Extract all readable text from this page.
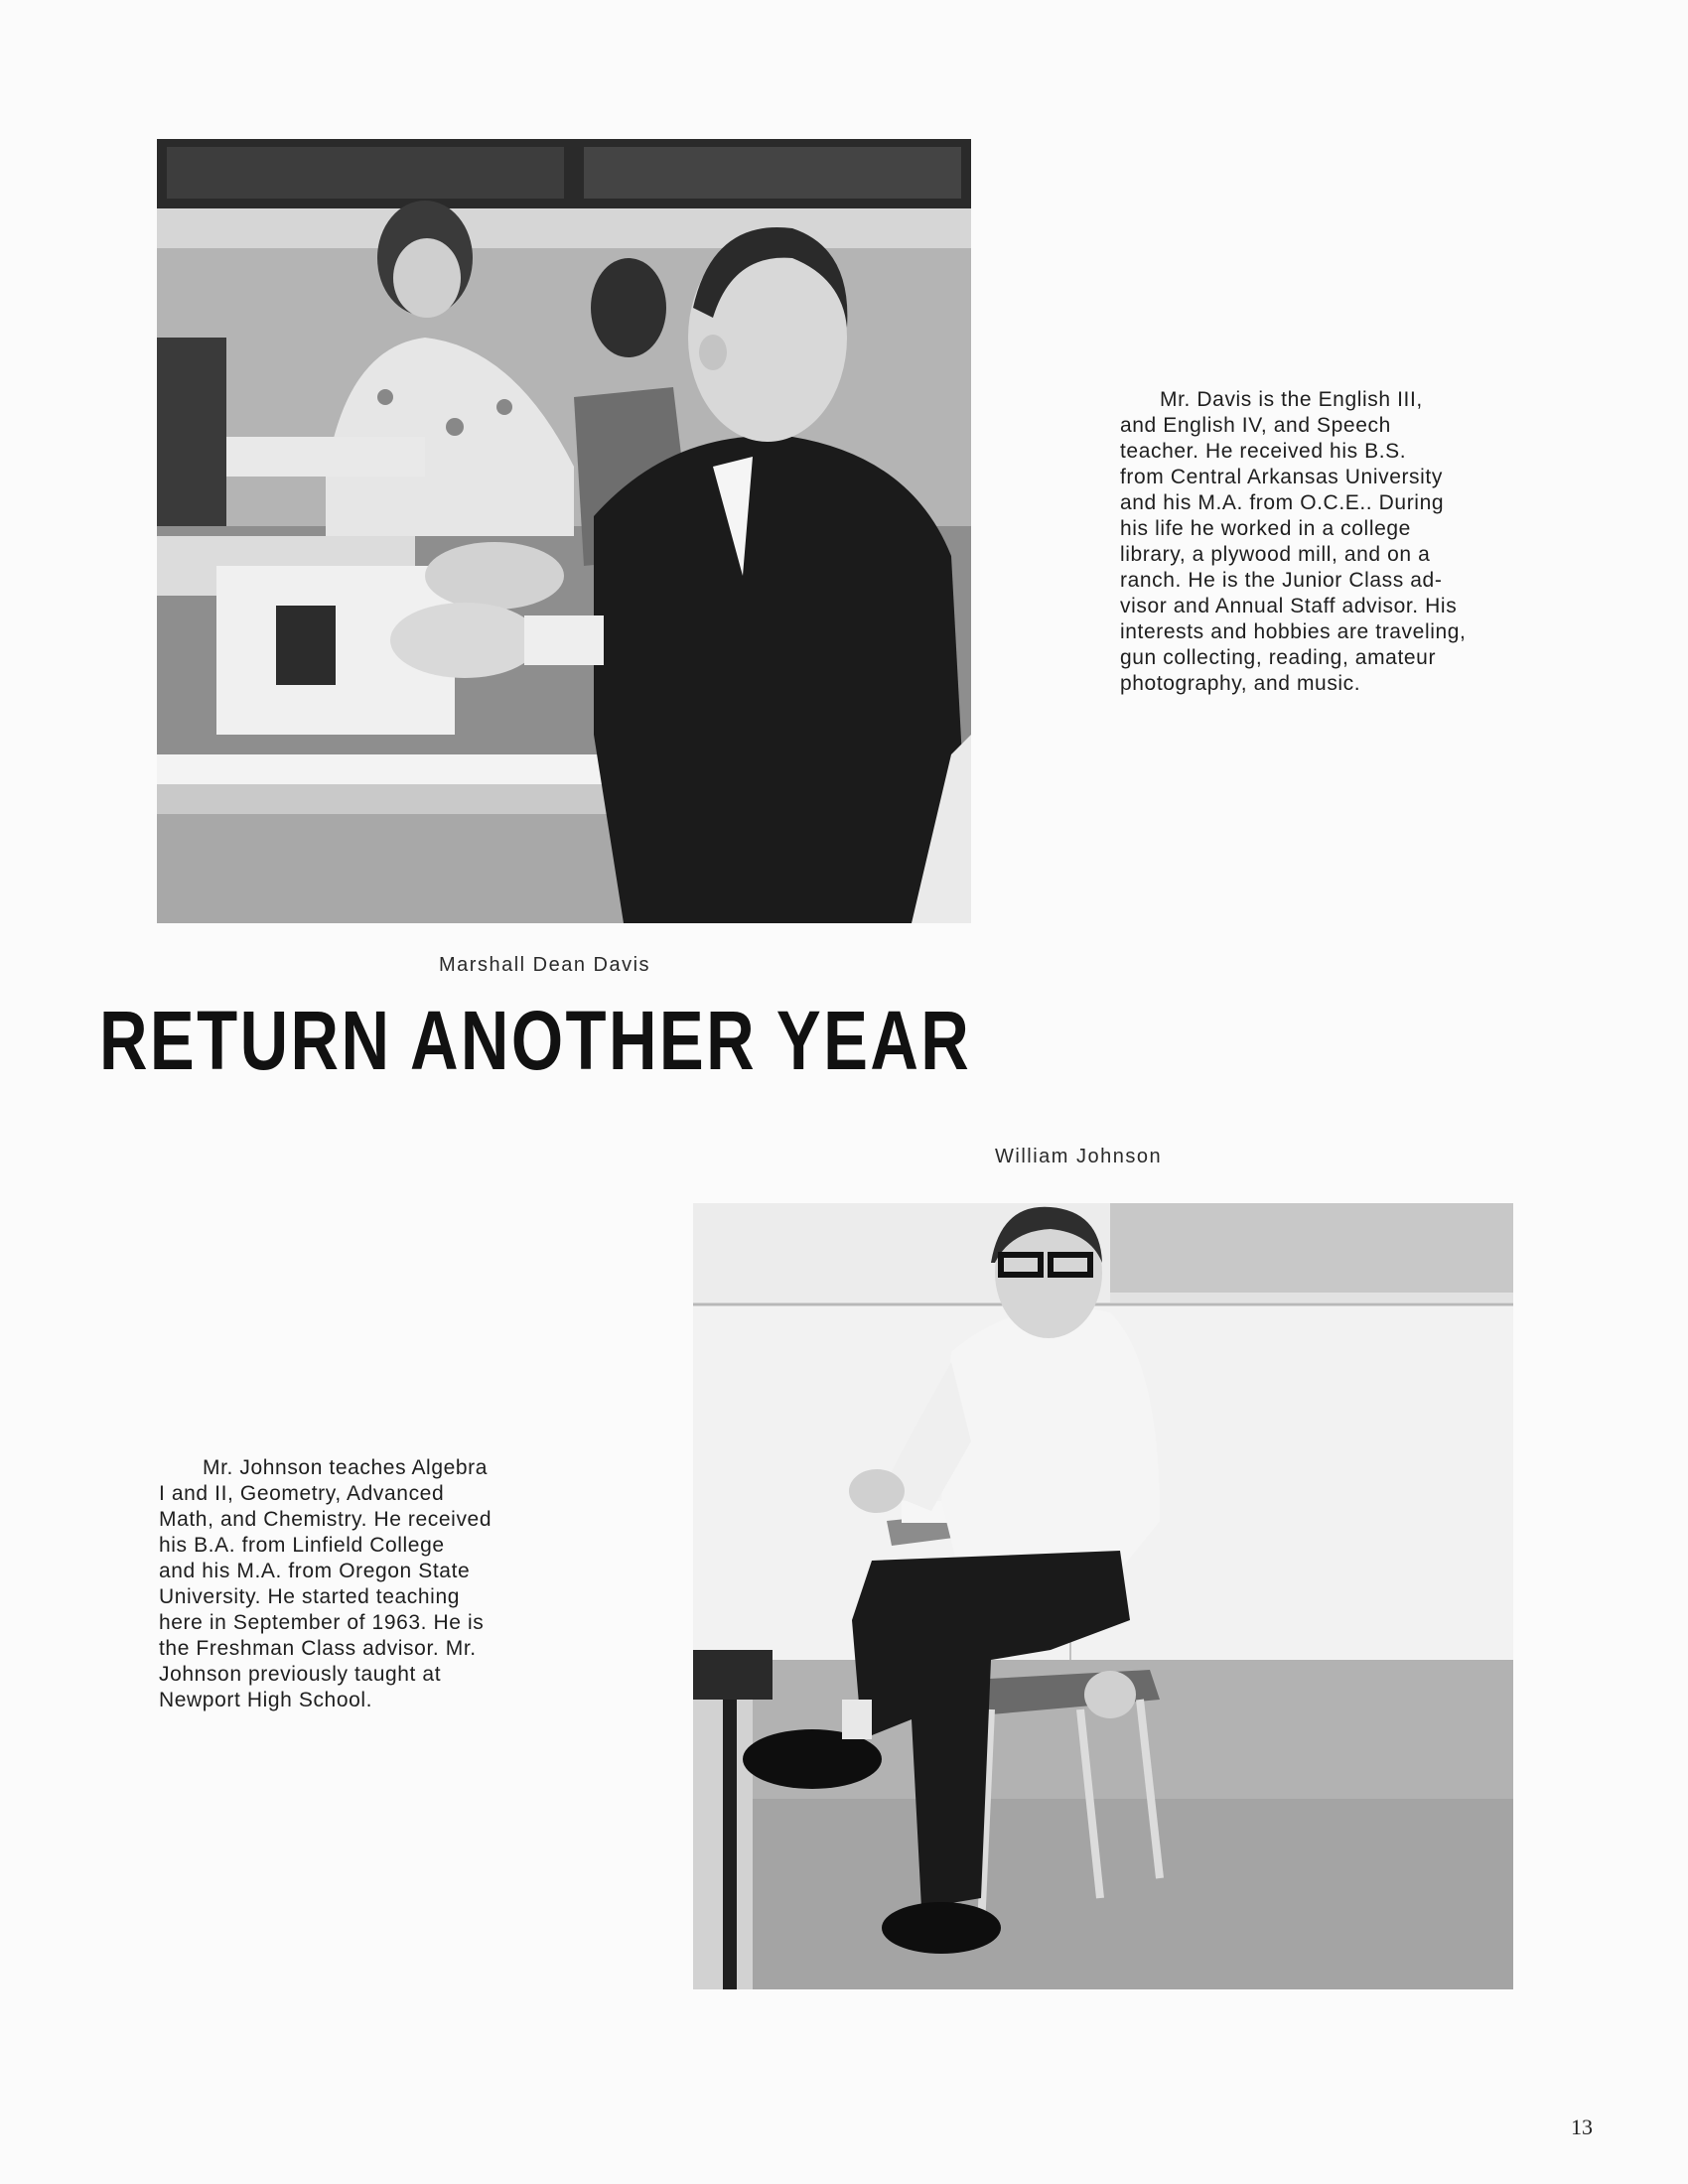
Mr. Davis is the English III,
and English IV, and Speech
teacher. He received his B.S.
from Central Arkansas University
and his M.A. from O.C.E.. During
his life he worked in a college
library, a plywood mill, and on a
ranch. He is the Junior Class ad-
visor and Annual Staff advisor. His
interests and hobbies are traveling,
gun collecting, reading, amateur
photography, and music.
Marshall Dean Davis
RETURN ANOTHER YEAR
William Johnson
Mr. Johnson teaches Algebra
I and II, Geometry, Advanced
Math, and Chemistry. He received
his B.A. from Linfield College
and his M.A. from Oregon State
University. He started teaching
here in September of 1963. He is
the Freshman Class advisor. Mr.
Johnson previously taught at
Newport High School.
13
